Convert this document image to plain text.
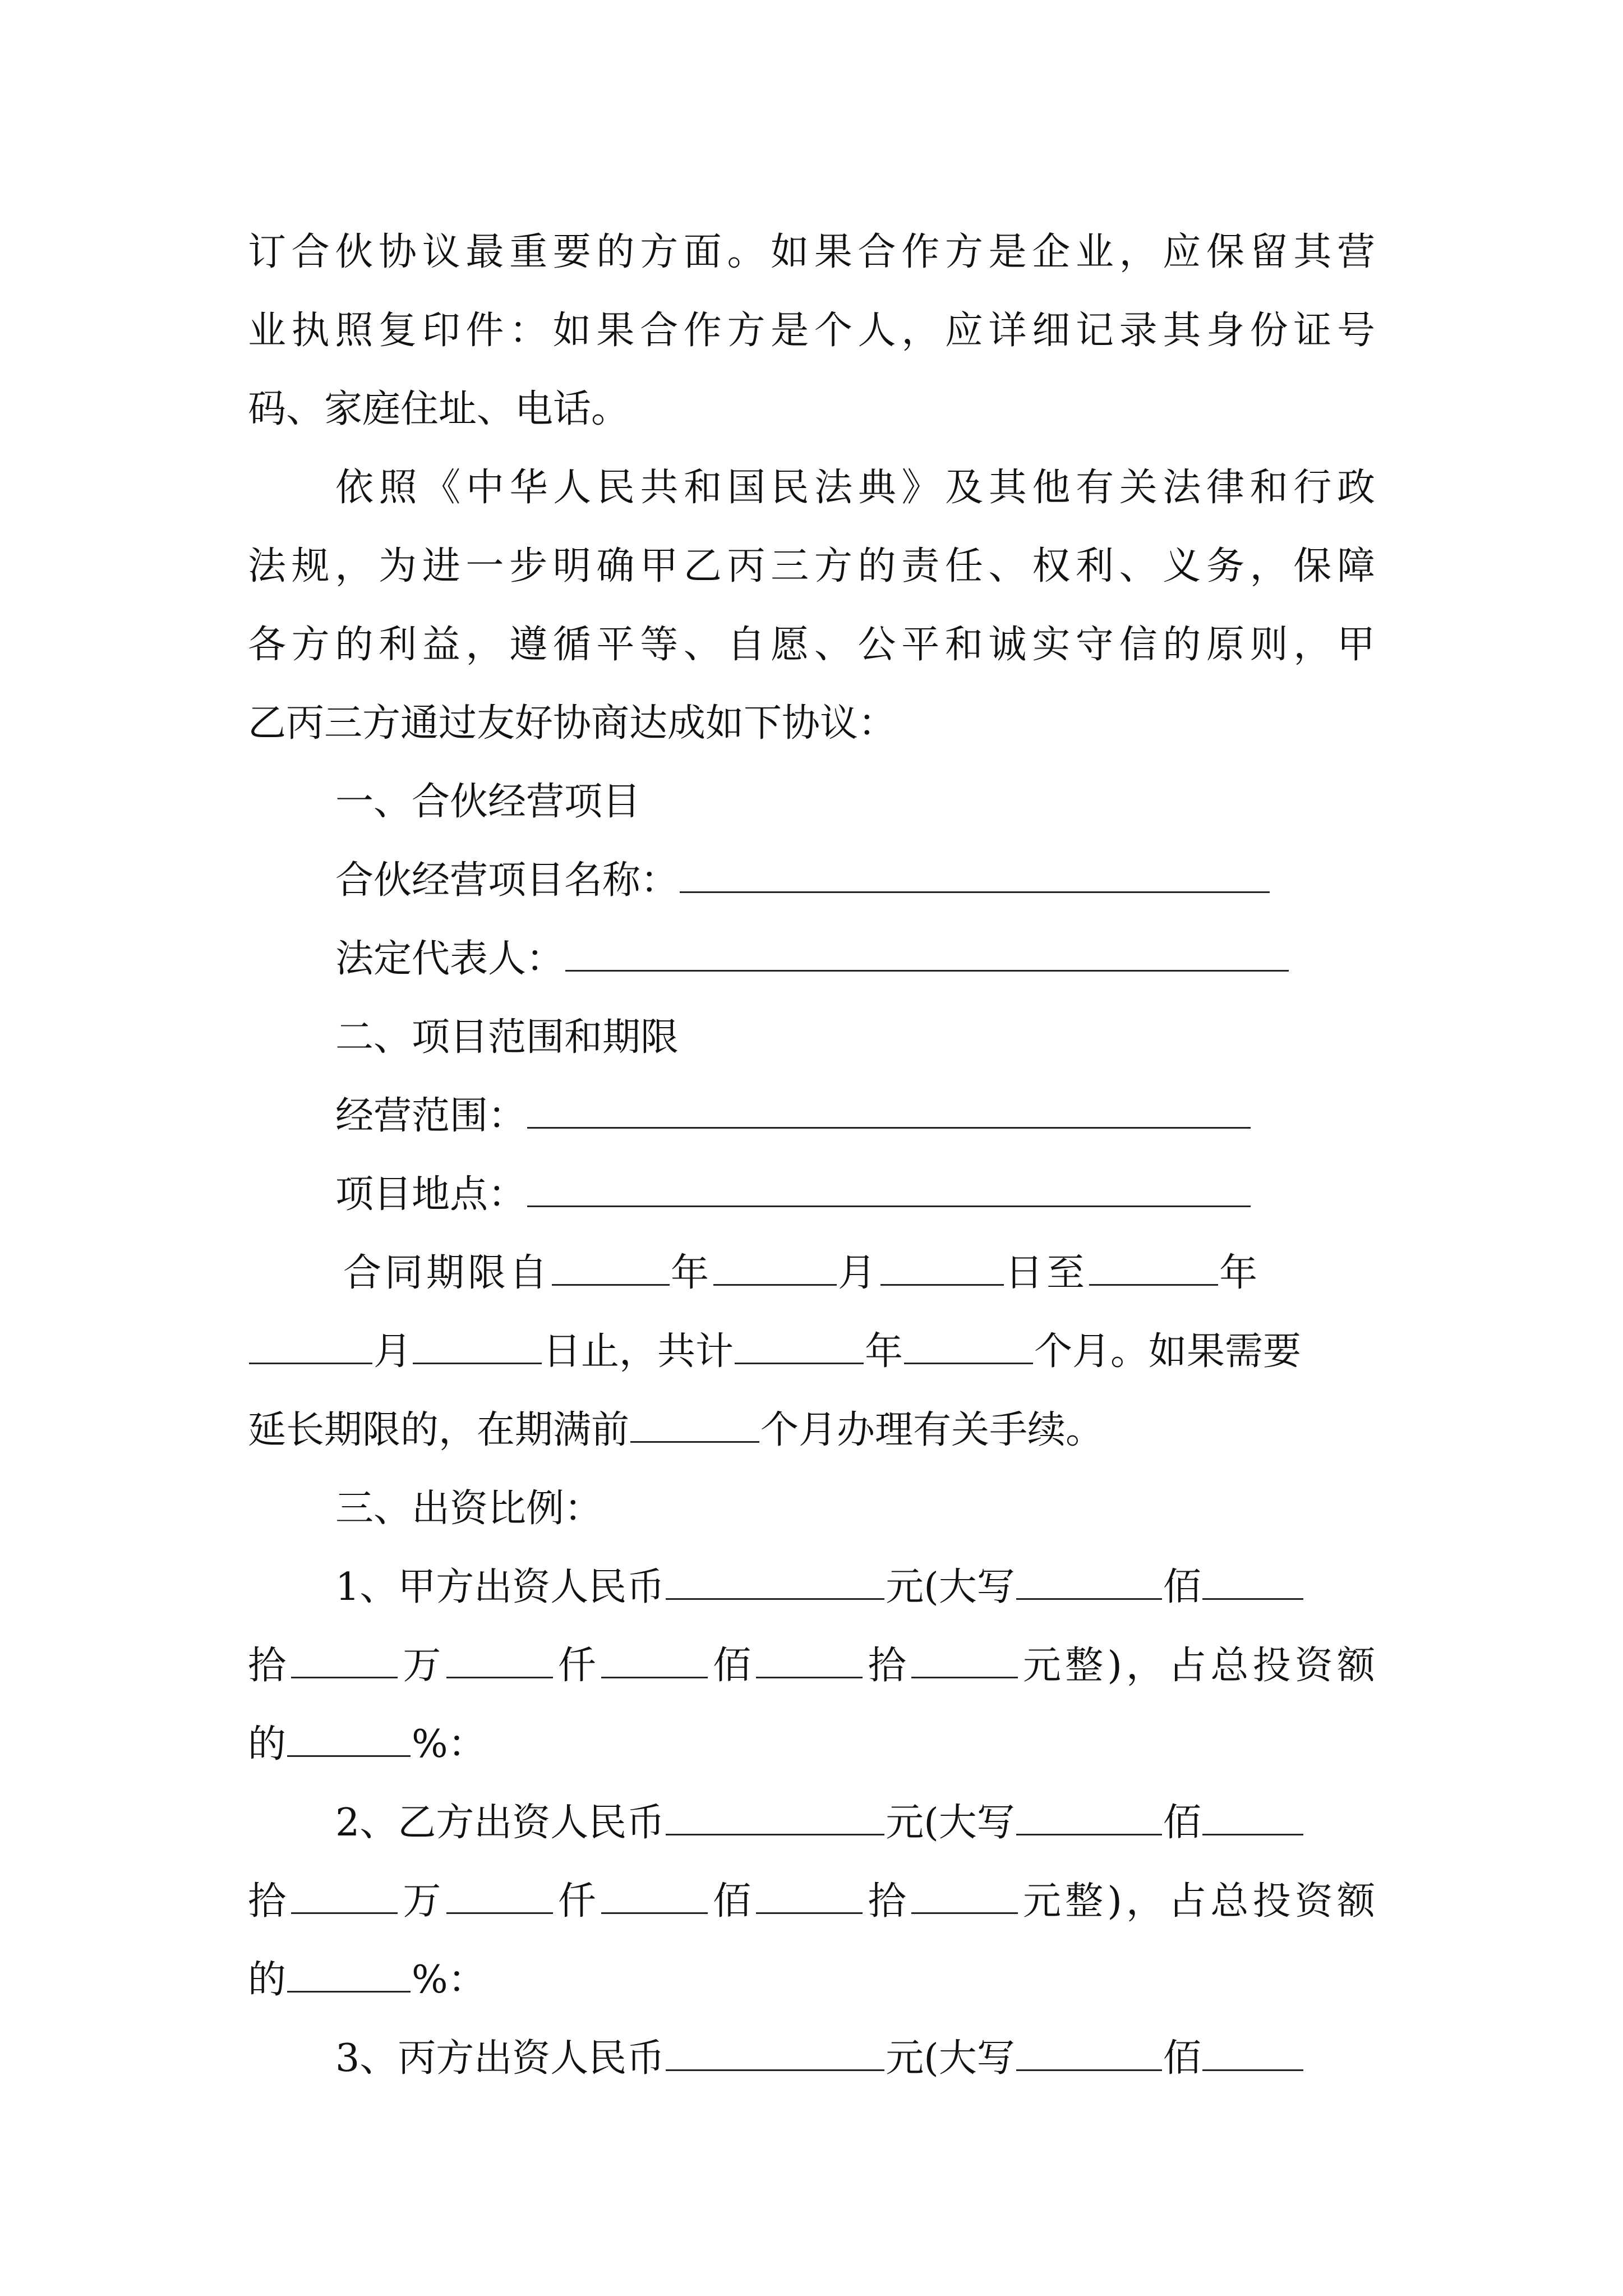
订合伙协议最重要的方面。如果合作方是企业，应保留其营
业执照复印件：如果合作方是个人，应详细记录其身份证号
码、家庭住址、电话。
依照《中华人民共和国民法典》及其他有关法律和行政
法规，为进一步明确甲乙丙三方的责任、权利、义务，保障
各方的利益，遵循平等、自愿、公平和诚实守信的原则，甲
乙丙三方通过友好协商达成如下协议：
一、合伙经营项目
合伙经营项目名称：
法定代表人：
二、项目范围和期限
经营范围：
项目地点：
合同期限自	年	月	日至	年
月	日止，共计	年	个月。如果需要
延长期限的，在期满前	个月办理有关手续。
三、出资比例：
1、甲方出资人民币	元(大写	佰
拾	万	仟	佰	拾	元整)，占总投资额
的	%：
2、乙方出资人民币	元(大写	佰
拾	万	仟	佰	拾	元整)，占总投资额
的	%：
3、丙方出资人民币	元(大写	佰
